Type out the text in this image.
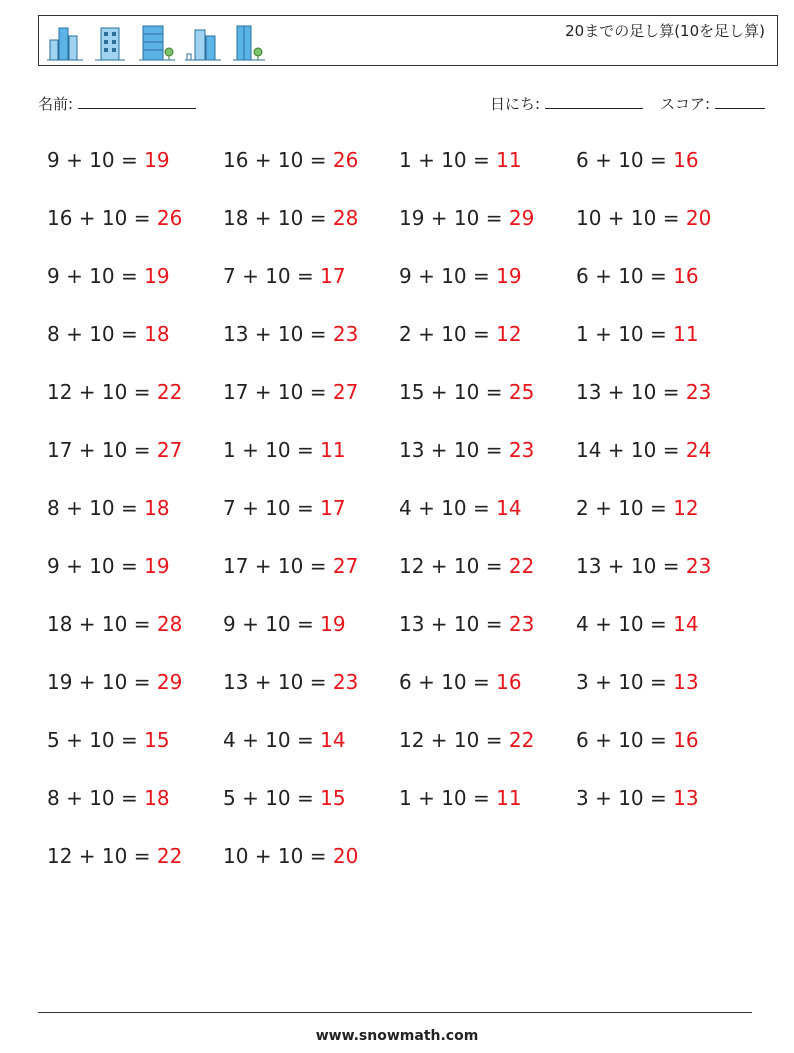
20までの足し算(10を足し算)
名前:	日にち:	スコア:
9 + 10 = 19	16 + 10 = 26 1 + 10 = 11	6 + 10 = 16
16 + 10 = 26 18 + 10 = 28 19 + 10 = 29 10 + 10 = 20
9 + 10 = 19	7 + 10 = 17	9 + 10 = 19	6 + 10 = 16
8 + 10 = 18	13 + 10 = 23 2 + 10 = 12	1 + 10 = 11
12 + 10 = 22 17 + 10 = 27 15 + 10 = 25 13 + 10 = 23
17 + 10 = 27 1 + 10 = 11	13 + 10 = 23 14 + 10 = 24
8 + 10 = 18	7 + 10 = 17	4 + 10 = 14	2 + 10 = 12
9 + 10 = 19	17 + 10 = 27 12 + 10 = 22 13 + 10 = 23
18 + 10 = 28 9 + 10 = 19	13 + 10 = 23 4 + 10 = 14
19 + 10 = 29 13 + 10 = 23 6 + 10 = 16	3 + 10 = 13
5 + 10 = 15	4 + 10 = 14	12 + 10 = 22 6 + 10 = 16
8 + 10 = 18	5 + 10 = 15	1 + 10 = 11	3 + 10 = 13
12 + 10 = 22 10 + 10 = 20
www.snowmath.com
